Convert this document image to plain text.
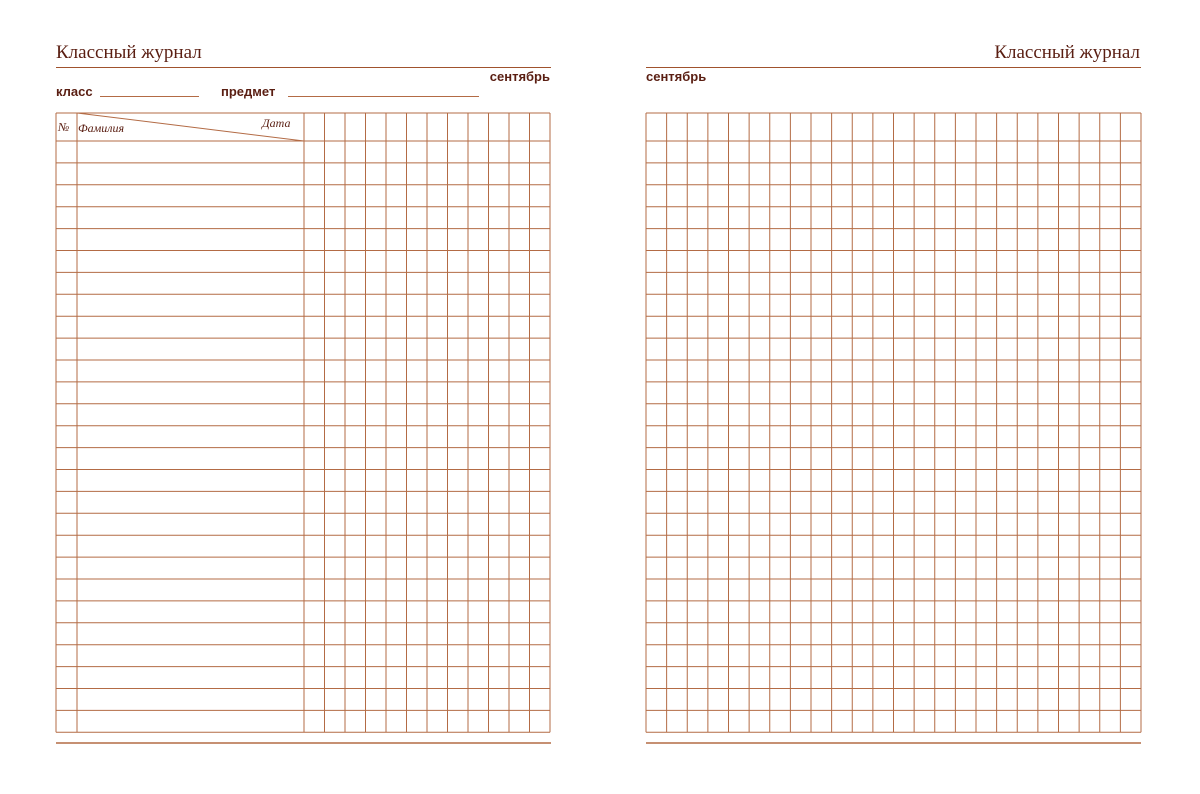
Классный журнал
сентябрь
класс	предмет
Классный журнал
сентябрь
№ Фамилия	Дата
